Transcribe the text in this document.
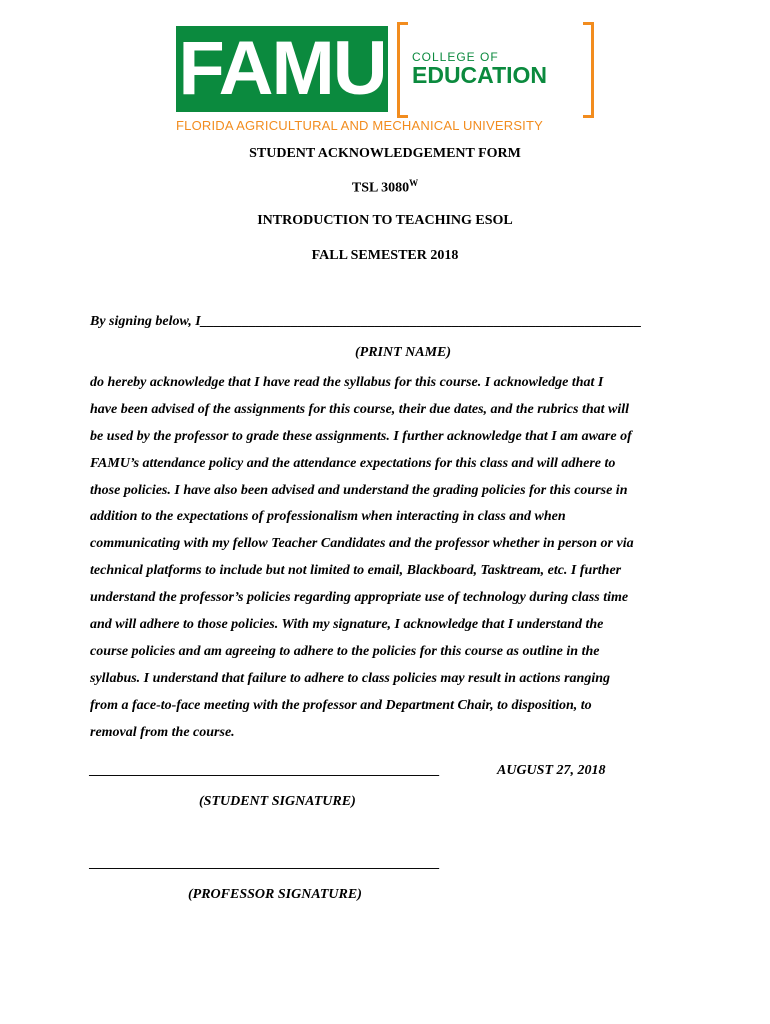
FAMU COLLEGE OF
EDUCATION
FLORIDA AGRICULTURAL AND MECHANICAL UNIVERSITY
STUDENT ACKNOWLEDGEMENT FORM
TSL $3080^W$
INTRODUCTION TO TEACHING ESOL
FALL SEMESTER 2018
By signing below, I_______________________________________________________________
(PRINT NAME)
do hereby acknowledge that I have read the syllabus for this course. I acknowledge that I
have been advised of the assignments for this course, their due dates, and the rubrics that will
be used by the professor to grade these assignments. I further acknowledge that I am aware of
FAMU’s attendance policy and the attendance expectations for this class and will adhere to
those policies. I have also been advised and understand the grading policies for this course in
addition to the expectations of professionalism when interacting in class and when
communicating with my fellow Teacher Candidates and the professor whether in person or via
technical platforms to include but not limited to email, Blackboard, Tasktream, etc. I further
understand the professor’s policies regarding appropriate use of technology during class time
and will adhere to those policies. With my signature, I acknowledge that I understand the
course policies and am agreeing to adhere to the policies for this course as outline in the
syllabus. I understand that failure to adhere to class policies may result in actions ranging
from a face-to-face meeting with the professor and Department Chair, to disposition, to
removal from the course.
__________________________________________________	AUGUST 27, 2018
(STUDENT SIGNATURE)
__________________________________________________
(PROFESSOR SIGNATURE)
